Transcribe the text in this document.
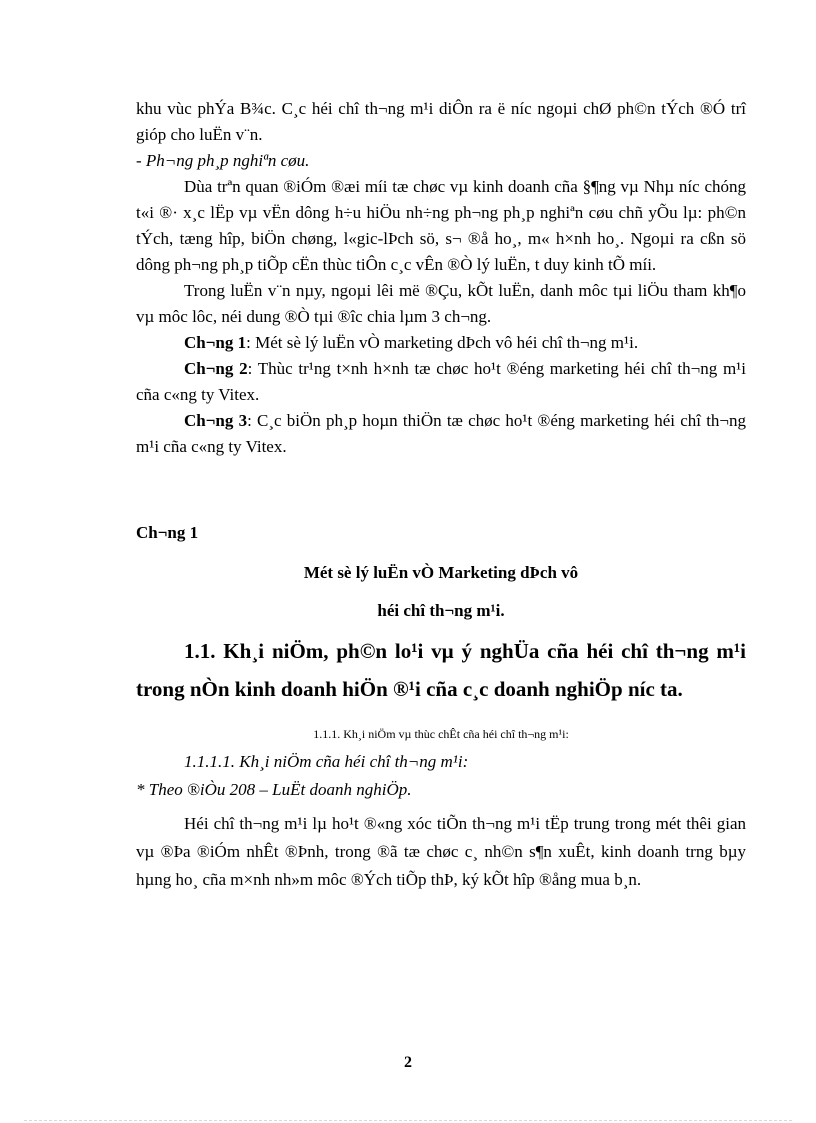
khu vùc phÝa B¾c. C¸c héi chî th¬ng m¹i diÔn ra ë níc ngoµi chØ ph©n tÝch ®Ó trî gióp cho luËn v¨n.

- Ph¬ng ph¸p nghiªn cøu.

Dùa trªn quan ®iÓm ®æi míi tæ chøc vµ kinh doanh cña §¶ng vµ Nhµ níc chóng t«i ®· x¸c lËp vµ vËn dông h÷u hiÖu nh÷ng ph¬ng ph¸p nghiªn cøu chñ yÕu lµ: ph©n tÝch, tæng hîp, biÖn chøng, l«gic-lÞch sö, s¬ ®å ho¸, m« h×nh ho¸. Ngoµi ra cßn sö dông ph¬ng ph¸p tiÕp cËn thùc tiÔn c¸c vÊn ®Ò lý luËn, t duy kinh tÕ míi.

Trong luËn v¨n nµy, ngoµi lêi më ®Çu, kÕt luËn, danh môc tµi liÖu tham kh¶o vµ môc lôc, néi dung ®Ò tµi ®îc chia lµm 3 ch¬ng.

Ch¬ng 1: Mét sè lý luËn vÒ marketing dÞch vô héi chî th¬ng m¹i.

Ch¬ng 2: Thùc tr¹ng t×nh h×nh tæ chøc ho¹t ®éng marketing héi chî th¬ng m¹i cña c«ng ty Vitex.

Ch¬ng 3: C¸c biÖn ph¸p hoµn thiÖn tæ chøc ho¹t ®éng marketing héi chî th¬ng m¹i cña c«ng ty Vitex.

Ch¬ng 1

Mét sè lý luËn vÒ Marketing dÞch vô

héi chî th¬ng m¹i.

1.1. Kh¸i niÖm, ph©n lo¹i vµ ý nghÜa cña héi chî th¬ng m¹i trong nÒn kinh doanh hiÖn ®¹i cña c¸c doanh nghiÖp níc ta.

1.1.1. Kh¸i niÖm vµ thùc chÊt cña héi chî th¬ng m¹i:

1.1.1.1. Kh¸i niÖm cña héi chî th¬ng m¹i:

* Theo ®iÒu 208 – LuËt doanh nghiÖp.

Héi chî th¬ng m¹i lµ ho¹t ®«ng xóc tiÕn th¬ng m¹i tËp trung trong mét thêi gian vµ ®Þa ®iÓm nhÊt ®Þnh, trong ®ã tæ chøc c¸ nh©n s¶n xuÊt, kinh doanh trng bµy hµng ho¸ cña m×nh nh»m môc ®Ých tiÕp thÞ, ký kÕt hîp ®ång mua b¸n.

2
